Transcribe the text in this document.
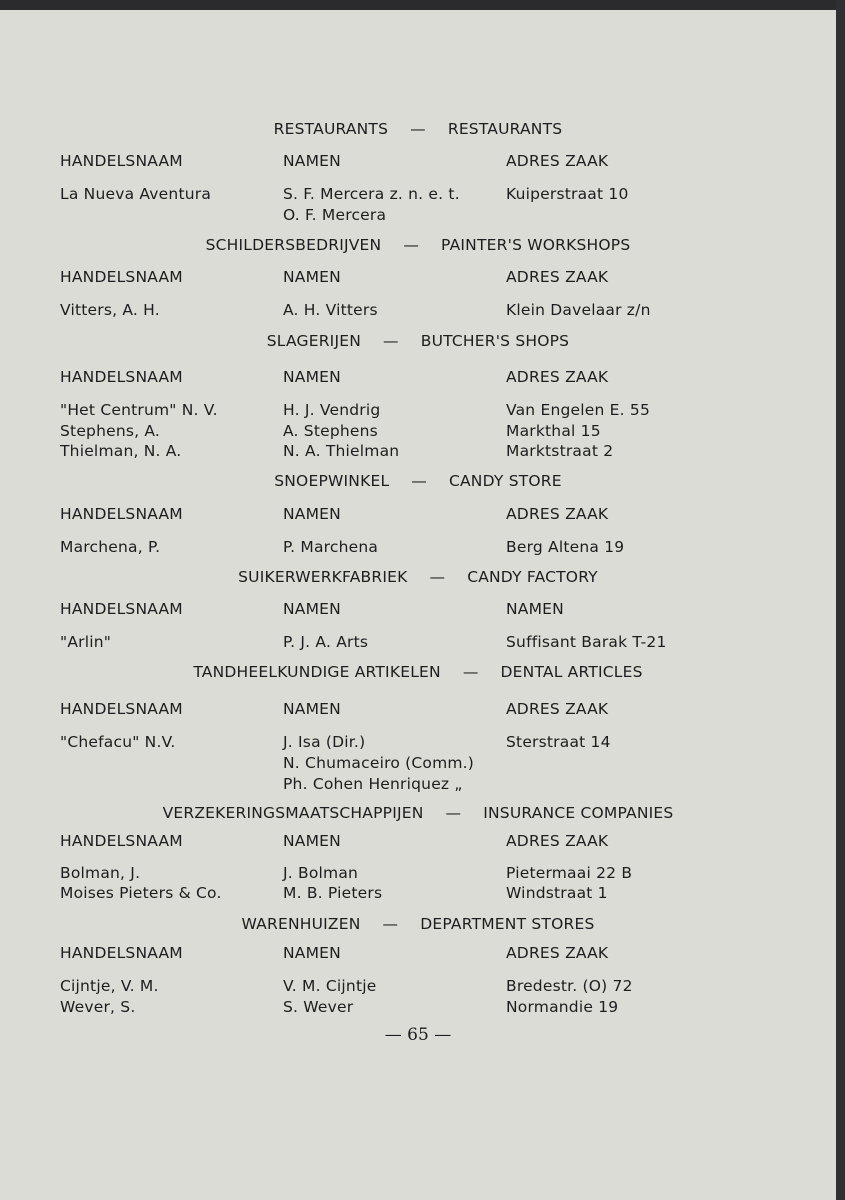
RESTAURANTS — RESTAURANTS
HANDELSNAAM	NAMEN	ADRES ZAAK
La Nueva Aventura	S. F. Mercera z. n. e. t.	Kuiperstraat 10
O. F. Mercera
SCHILDERSBEDRIJVEN — PAINTER'S WORKSHOPS
HANDELSNAAM	NAMEN	ADRES ZAAK
Vitters, A. H.	A. H. Vitters	Klein Davelaar z/n
SLAGERIJEN — BUTCHER'S SHOPS
HANDELSNAAM	NAMEN	ADRES ZAAK
"Het Centrum" N. V.	H. J. Vendrig	Van Engelen E. 55
Stephens, A.	A. Stephens	Markthal 15
Thielman, N. A.	N. A. Thielman	Marktstraat 2
SNOEPWINKEL — CANDY STORE
HANDELSNAAM	NAMEN	ADRES ZAAK
Marchena, P.	P. Marchena	Berg Altena 19
SUIKERWERKFABRIEK — CANDY FACTORY
HANDELSNAAM	NAMEN	NAMEN
"Arlin"	P. J. A. Arts	Suffisant Barak T-21
TANDHEELKUNDIGE ARTIKELEN — DENTAL ARTICLES
HANDELSNAAM	NAMEN	ADRES ZAAK
"Chefacu" N.V.	J. Isa (Dir.)	Sterstraat 14
N. Chumaceiro (Comm.)
Ph. Cohen Henriquez „
VERZEKERINGSMAATSCHAPPIJEN — INSURANCE COMPANIES
HANDELSNAAM	NAMEN	ADRES ZAAK
Bolman, J.	J. Bolman	Pietermaai 22 B
Moises Pieters & Co.	M. B. Pieters	Windstraat 1
WARENHUIZEN — DEPARTMENT STORES
HANDELSNAAM	NAMEN	ADRES ZAAK
Cijntje, V. M.	V. M. Cijntje	Bredestr. (O) 72
Wever, S.	S. Wever	Normandie 19
— 65 —
